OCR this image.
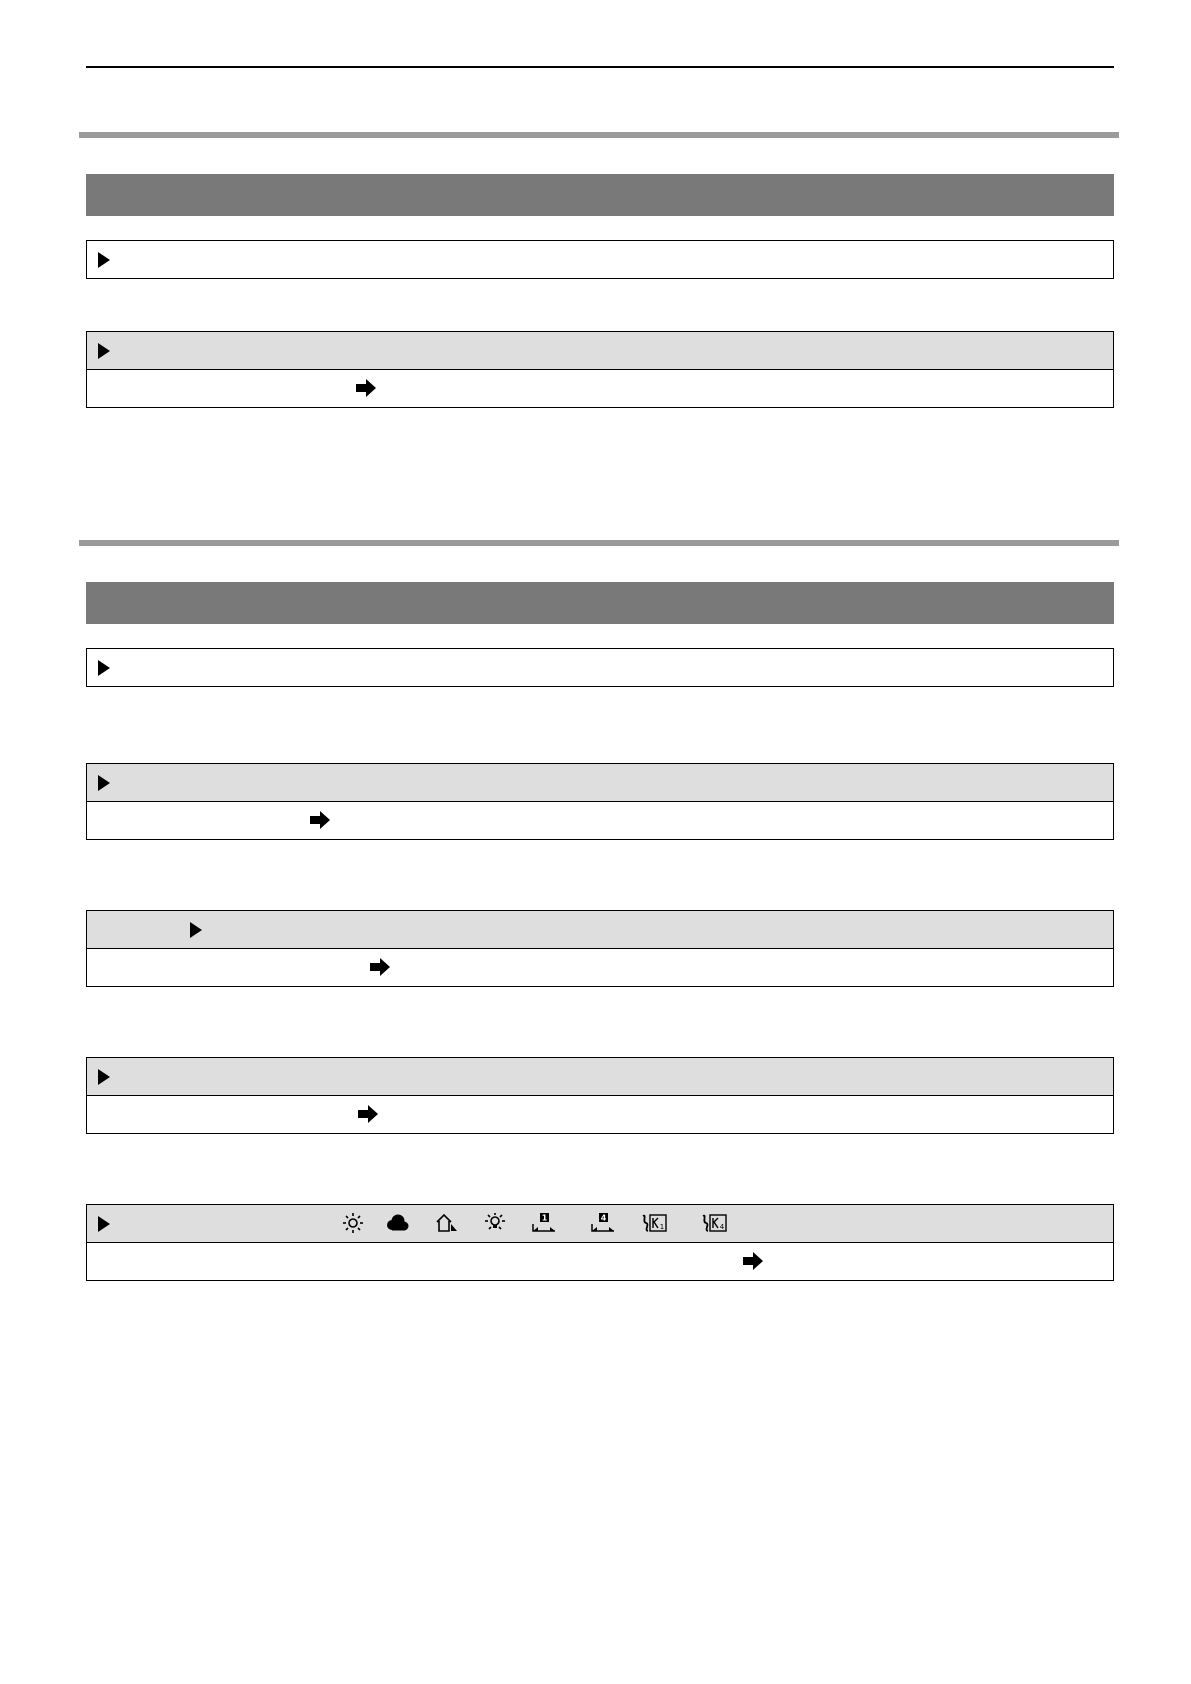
1	4
1	4
